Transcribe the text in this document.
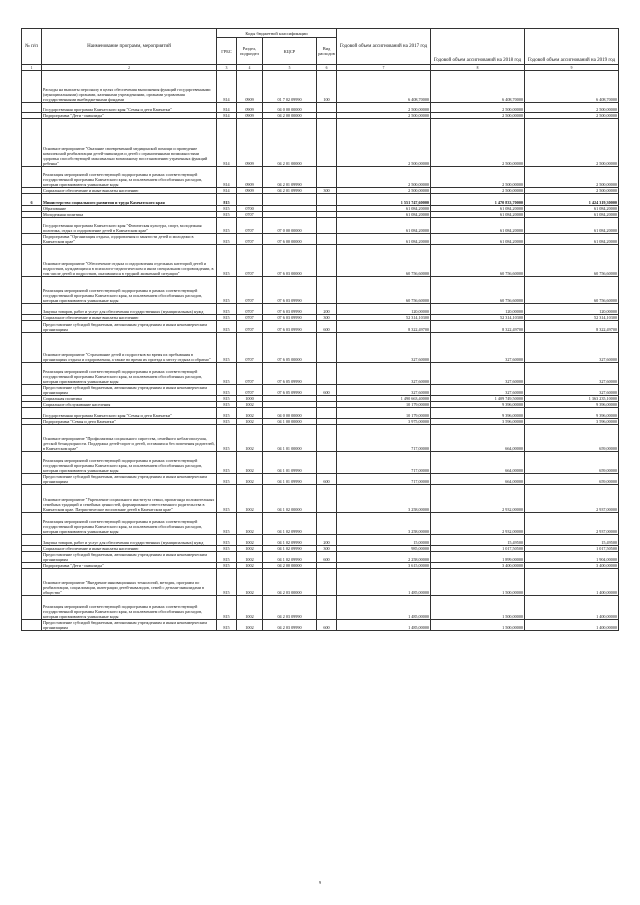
№ п/п	Наименование программ, мероприятий	Коды бюджетной классификации				Годовой объем ассигнований на 2017 год	Годовой объем ассигнований на 2018 год	Годовой объем ассигнований на 2019 год
		ГРБС	Раздел, подраздел	КЦСР	Вид расходов			
1	2	3	4	5	6	7	8	9
	Расходы на выплаты персоналу в целях обеспечения выполнения функций государственными (муниципальными) органами, казенными учреждениями, органами управления государственными внебюджетными фондами	814	0909	01 7 02 09990	100	6 408,70000	6 408,70000	6 408,70000
	Государственная программа Камчатского края "Семья и дети Камчатки"	814	0909	04 0 00 00000		2 500,00000	2 500,00000	2 500,00000
	Подпрограмма "Дети - инвалиды"	814	0909	04 2 00 00000		2 500,00000	2 500,00000	2 500,00000
	Основное мероприятие "Оказание своевременной медицинской помощи и проведение комплексной реабилитации детей-инвалидов и детей с ограниченными возможностями здоровья способствующей максимально возможному восстановлению утраченных функций ребенка"	814	0909	04 2 01 00000		2 500,00000	2 500,00000	2 500,00000
	Реализация мероприятий соответствующей подпрограммы в рамках соответствующей государственной программы Камчатского края, за исключением обособленных расходов, которым присваиваются уникальные коды	814	0909	04 2 01 09990		2 500,00000	2 500,00000	2 500,00000
	Социальное обеспечение и иные выплаты населению	814	0909	04 2 01 09990	300	2 500,00000	2 500,00000	2 500,00000
6	Министерство социального развития и труда Камчатского края	815				1 551 747,60000	1 470 833,70000	1 424 319,30000
	Образование	815	0700			61 084,20000	61 084,20000	61 084,20000
	Молодежная политика	815	0707			61 084,20000	61 084,20000	61 084,20000
	Государственная программа Камчатского края "Физическая культура, спорт, молодежная политика, отдых и оздоровление детей в Камчатском крае"	815	0707	07 0 00 00000		61 084,20000	61 084,20000	61 084,20000
	Подпрограмма "Организация отдыха, оздоровления и занятости детей и молодежи в Камчатском крае"	815	0707	07 6 00 00000		61 084,20000	61 084,20000	61 084,20000
	Основное мероприятие "Обеспечение отдыха и оздоровления отдельных категорий детей и подростков, нуждающихся в психолого-педагогическом и ином специальном сопровождении, в том числе детей и подростков, оказавшихся в трудной жизненной ситуации"	815	0707	07 6 03 00000		60 756,60000	60 756,60000	60 756,60000
	Реализация мероприятий соответствующей подпрограммы в рамках соответствующей государственной программы Камчатского края, за исключением обособленных расходов, которым присваиваются уникальные коды	815	0707	07 6 03 09990		60 756,60000	60 756,60000	60 756,60000
	Закупка товаров, работ и услуг для обеспечения государственных (муниципальных) нужд	815	0707	07 6 03 09990	200	120,00000	120,00000	120,00000
	Социальное обеспечение и иные выплаты населению	815	0707	07 6 03 09990	300	52 314,10300	52 314,10300	52 314,10300
	Предоставление субсидий бюджетным, автономным учреждениям и иным некоммерческим организациям	815	0707	07 6 03 09990	600	8 322,49700	8 322,49700	8 322,49700
	Основное мероприятие "Страхование детей и подростков во время их пребывания в организациях отдыха и оздоровления, а также во время их проезда к месту отдыха и обратно"	815	0707	07 6 05 00000		327,60000	327,60000	327,60000
	Реализация мероприятий соответствующей подпрограммы в рамках соответствующей государственной программы Камчатского края, за исключением обособленных расходов, которым присваиваются уникальные коды	815	0707	07 6 05 09990		327,60000	327,60000	327,60000
	Предоставление субсидий бюджетным, автономным учреждениям и иным некоммерческим организациям	815	0707	07 6 05 09990	600	327,60000	327,60000	327,60000
	Социальная политика	815	1000			1 490 663,40000	1 409 749,50000	1 363 235,10000
	Социальное обслуживание населения	815	1002			10 179,00000	9 396,00000	9 396,00000
	Государственная программа Камчатского края "Семья и дети Камчатки"	815	1002	04 0 00 00000		10 179,00000	9 396,00000	9 396,00000
	Подпрограмма "Семья и дети Камчатки"	815	1002	04 1 00 00000		3 975,00000	3 596,00000	3 596,00000
	Основное мероприятие "Профилактика социального сиротства, семейного неблагополучия, детской безнадзорности. Поддержка детей-сирот и детей, оставшихся без попечения родителей, в Камчатском крае"	815	1002	04 1 01 00000		717,00000	664,00000	659,00000
	Реализация мероприятий соответствующей подпрограммы в рамках соответствующей государственной программы Камчатского края, за исключением обособленных расходов, которым присваиваются уникальные коды	815	1002	04 1 01 09990		717,00000	664,00000	659,00000
	Предоставление субсидий бюджетным, автономным учреждениям и иным некоммерческим организациям	815	1002	04 1 01 09990	600	717,00000	664,00000	659,00000
	Основное мероприятие "Укрепление социального института семьи, пропаганда положительных семейных традиций и семейных ценностей, формирование ответственного родительства в Камчатском крае. Патриотическое воспитание детей в Камчатском крае"	815	1002	04 1 02 00000		3 258,00000	2 932,00000	2 937,00000
	Реализация мероприятий соответствующей подпрограммы в рамках соответствующей государственной программы Камчатского края, за исключением обособленных расходов, которым присваиваются уникальные коды	815	1002	04 1 02 09990		3 258,00000	2 932,00000	2 937,00000
	Закупка товаров, работ и услуг для обеспечения государственных (муниципальных) нужд	815	1002	04 1 02 09990	200	15,00000	15,49500	15,49500
	Социальное обеспечение и иные выплаты населению	815	1002	04 1 02 09990	300	985,00000	1 017,50500	1 017,50500
	Предоставление субсидий бюджетным, автономным учреждениям и иным некоммерческим организациям	815	1002	04 1 02 09990	600	2 258,00000	1 899,00000	1 904,00000
	Подпрограмма "Дети - инвалиды"	815	1002	04 2 00 00000		3 615,00000	3 400,00000	3 400,00000
	Основное мероприятие "Внедрение инновационных технологий, методик, программ по реабилитации, социализации, интеграции детей-инвалидов, семей с детьми-инвалидами в общество"	815	1002	04 2 03 00000		1 485,00000	1 500,00000	1 400,00000
	Реализация мероприятий соответствующей подпрограммы в рамках соответствующей государственной программы Камчатского края, за исключением обособленных расходов, которым присваиваются уникальные коды	815	1002	04 2 03 09990		1 485,00000	1 500,00000	1 400,00000
	Предоставление субсидий бюджетным, автономным учреждениям и иным некоммерческим организациям	815	1002	04 2 03 09990	600	1 485,00000	1 500,00000	1 400,00000
9
